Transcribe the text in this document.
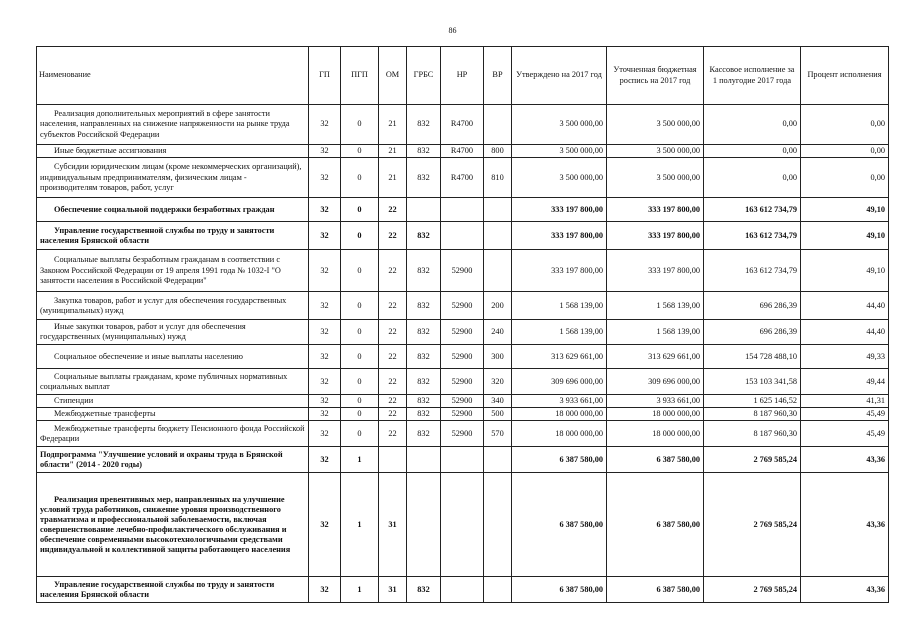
86
Наименование	ГП	ПГП	ОМ	ГРБС	НР	ВР	Утверждено на 2017 год	Уточненная бюджетная роспись на 2017 год	Кассовое исполнение за 1 полугодие 2017 года	Процент исполнения
Реализация дополнительных мероприятий в сфере занятости населения, направленных на снижение напряженности на рынке труда субъектов Российской Федерации	32	0	21	832	R4700		3 500 000,00	3 500 000,00	0,00	0,00
Иные бюджетные ассигнования	32	0	21	832	R4700	800	3 500 000,00	3 500 000,00	0,00	0,00
Субсидии юридическим лицам (кроме некоммерческих организаций), индивидуальным предпринимателям, физическим лицам - производителям товаров, работ, услуг	32	0	21	832	R4700	810	3 500 000,00	3 500 000,00	0,00	0,00
Обеспечение социальной поддержки безработных граждан	32	0	22				333 197 800,00	333 197 800,00	163 612 734,79	49,10
Управление государственной службы по труду и занятости населения Брянской области	32	0	22	832			333 197 800,00	333 197 800,00	163 612 734,79	49,10
Социальные выплаты безработным гражданам в соответствии с Законом Российской Федерации от 19 апреля 1991 года № 1032-I "О занятости населения в Российской Федерации"	32	0	22	832	52900		333 197 800,00	333 197 800,00	163 612 734,79	49,10
Закупка товаров, работ и услуг для обеспечения государственных (муниципальных) нужд	32	0	22	832	52900	200	1 568 139,00	1 568 139,00	696 286,39	44,40
Иные закупки товаров, работ и услуг для обеспечения государственных (муниципальных) нужд	32	0	22	832	52900	240	1 568 139,00	1 568 139,00	696 286,39	44,40
Социальное обеспечение и иные выплаты населению	32	0	22	832	52900	300	313 629 661,00	313 629 661,00	154 728 488,10	49,33
Социальные выплаты гражданам, кроме публичных нормативных социальных выплат	32	0	22	832	52900	320	309 696 000,00	309 696 000,00	153 103 341,58	49,44
Стипендии	32	0	22	832	52900	340	3 933 661,00	3 933 661,00	1 625 146,52	41,31
Межбюджетные трансферты	32	0	22	832	52900	500	18 000 000,00	18 000 000,00	8 187 960,30	45,49
Межбюджетные трансферты бюджету Пенсионного фонда Российской Федерации	32	0	22	832	52900	570	18 000 000,00	18 000 000,00	8 187 960,30	45,49
Подпрограмма "Улучшение условий и охраны труда в Брянской области" (2014 - 2020 годы)	32	1					6 387 580,00	6 387 580,00	2 769 585,24	43,36
Реализация превентивных мер, направленных на улучшение условий труда работников, снижение уровня производственного травматизма и профессиональной заболеваемости, включая совершенствование лечебно-профилактического обслуживания и обеспечение современными высокотехнологичными средствами индивидуальной и коллективной защиты работающего населения	32	1	31				6 387 580,00	6 387 580,00	2 769 585,24	43,36
Управление государственной службы по труду и занятости населения Брянской области	32	1	31	832			6 387 580,00	6 387 580,00	2 769 585,24	43,36
